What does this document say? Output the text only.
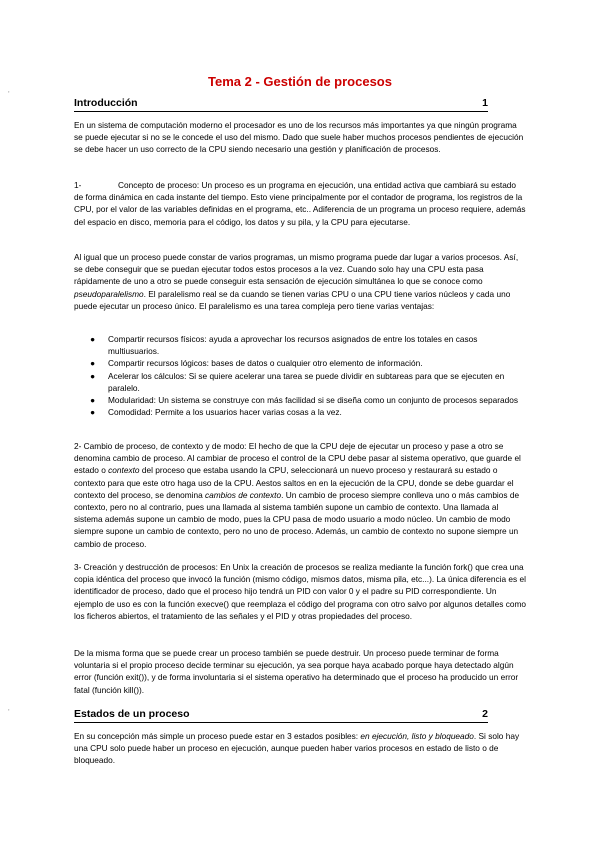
,
,
Tema 2 - Gestión de procesos
Introducción	1

En un sistema de computación moderno el procesador es uno de los recursos más importantes ya que ningún programa se puede ejecutar si no se le concede el uso del mismo. Dado que suele haber muchos procesos pendientes de ejecución se debe hacer un uso correcto de la CPU siendo necesario una gestión y planificación de procesos.

1-	Concepto de proceso: Un proceso es un programa en ejecución, una entidad activa que cambiará su estado de forma dinámica en cada instante del tiempo. Esto viene principalmente por el contador de programa, los registros de la CPU, por el valor de las variables definidas en el programa, etc.. Adiferencia de un programa un proceso requiere, además del espacio en disco, memoria para el código, los datos y su pila, y la CPU para ejecutarse.

Al igual que un proceso puede constar de varios programas, un mismo programa puede dar lugar a varios procesos. Así, se debe conseguir que se puedan ejecutar todos estos procesos a la vez. Cuando solo hay una CPU esta pasa rápidamente de uno a otro se puede conseguir esta sensación de ejecución simultánea lo que se conoce como pseudoparalelismo. El paralelismo real se da cuando se tienen varias CPU o una CPU tiene varios núcleos y cada uno puede ejecutar un proceso único. El paralelismo es una tarea compleja pero tiene varias ventajas:

● Compartir recursos físicos: ayuda a aprovechar los recursos asignados de entre los totales en casos multiusuarios.
● Compartir recursos lógicos: bases de datos o cualquier otro elemento de información.
● Acelerar los cálculos: Si se quiere acelerar una tarea se puede dividir en subtareas para que se ejecuten en paralelo.
● Modularidad: Un sistema se construye con más facilidad si se diseña como un conjunto de procesos separados
● Comodidad: Permite a los usuarios hacer varias cosas a la vez.

2- Cambio de proceso, de contexto y de modo: El hecho de que la CPU deje de ejecutar un proceso y pase a otro se denomina cambio de proceso. Al cambiar de proceso el control de la CPU debe pasar al sistema operativo, que guarde el estado o contexto del proceso que estaba usando la CPU, seleccionará un nuevo proceso y restaurará su estado o contexto para que este otro haga uso de la CPU. Aestos saltos en en la ejecución de la CPU, donde se debe guardar el contexto del proceso, se denomina cambios de contexto. Un cambio de proceso siempre conlleva uno o más cambios de contexto, pero no al contrario, pues una llamada al sistema también supone un cambio de contexto. Una llamada al sistema además supone un cambio de modo, pues la CPU pasa de modo usuario a modo núcleo. Un cambio de modo siempre supone un cambio de contexto, pero no uno de proceso. Además, un cambio de contexto no supone siempre un cambio de proceso.

3- Creación y destrucción de procesos: En Unix la creación de procesos se realiza mediante la función fork() que crea una copia idéntica del proceso que invocó la función (mismo código, mismos datos, misma pila, etc...). La única diferencia es el identificador de proceso, dado que el proceso hijo tendrá un PID con valor 0 y el padre su PID correspondiente. Un ejemplo de uso es con la función execve() que reemplaza el código del programa con otro salvo por algunos detalles como los ficheros abiertos, el tratamiento de las señales y el PID y otras propiedades del proceso.

De la misma forma que se puede crear un proceso también se puede destruir. Un proceso puede terminar de forma voluntaria si el propio proceso decide terminar su ejecución, ya sea porque haya acabado porque haya detectado algún error (función exit()), y de forma involuntaria si el sistema operativo ha determinado que el proceso ha producido un error fatal (función kill()).

Estados de un proceso	2

En su concepción más simple un proceso puede estar en 3 estados posibles: en ejecución, listo y bloqueado. Si solo hay una CPU solo puede haber un proceso en ejecución, aunque pueden haber varios procesos en estado de listo o de bloqueado.
